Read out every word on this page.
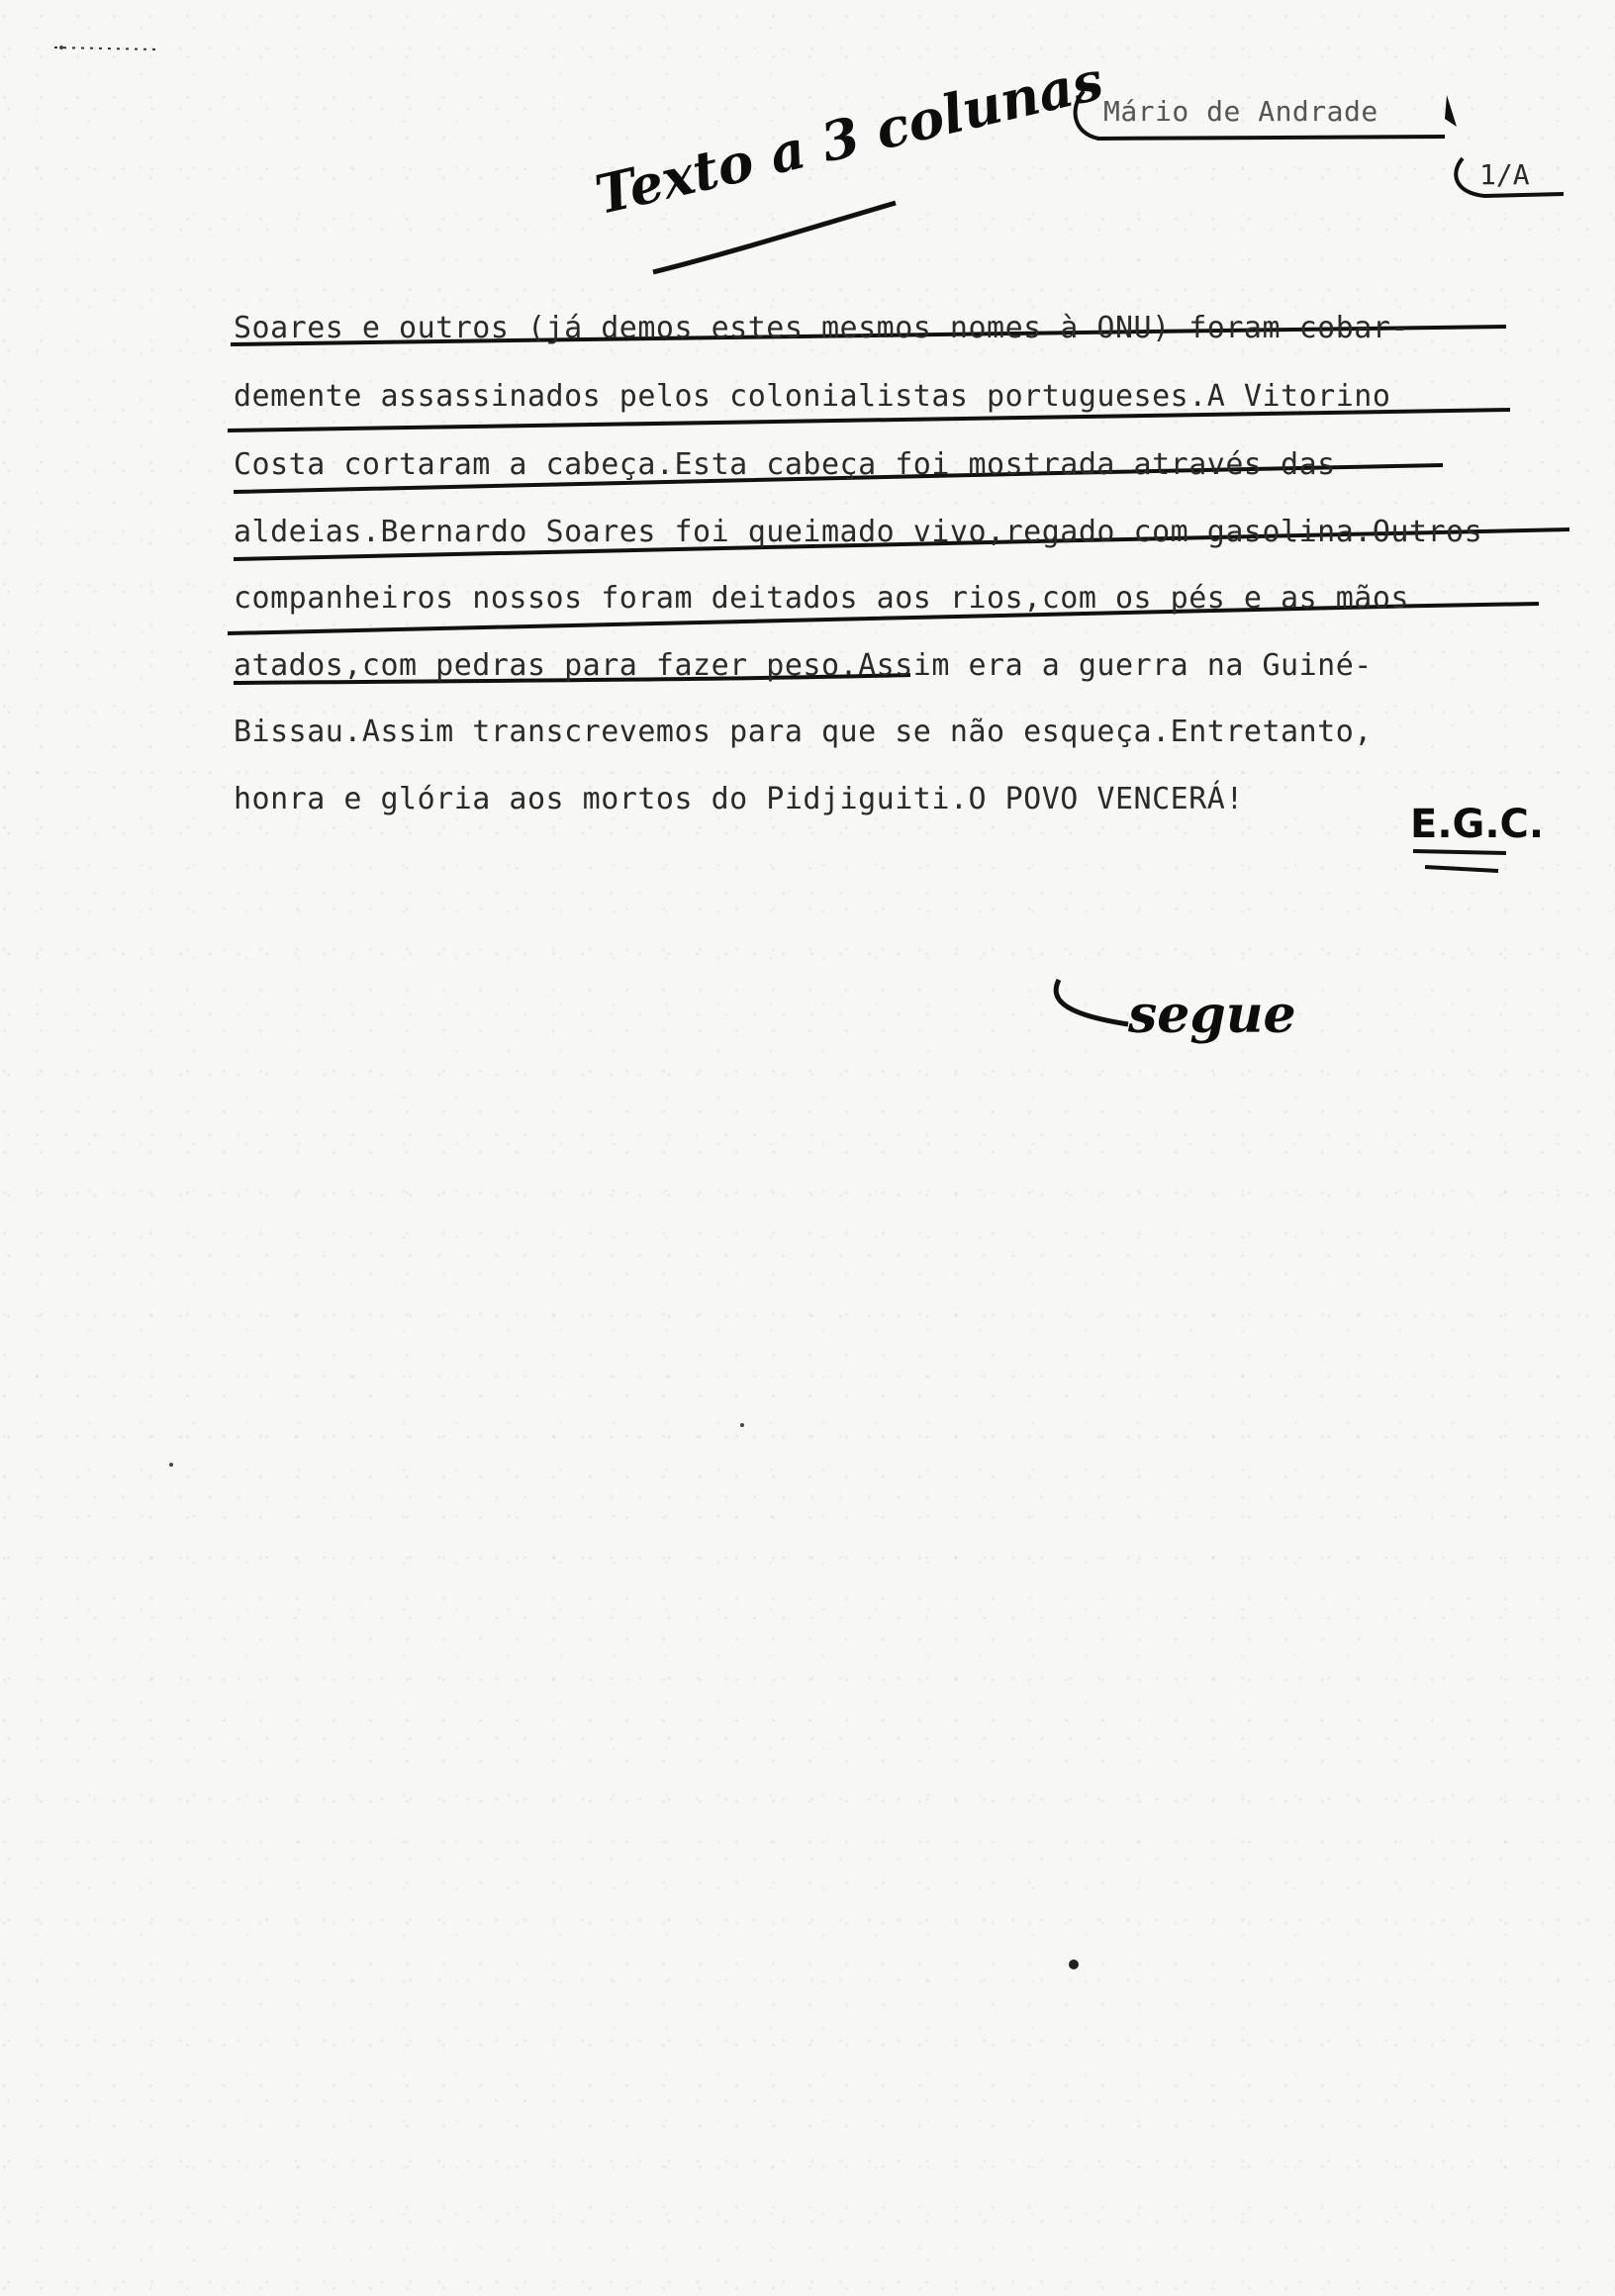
Mário de Andrade
1/A
Texto a 3 colunas
Soares e outros (já demos estes mesmos nomes à ONU) foram cobar-
demente assassinados pelos colonialistas portugueses.A Vitorino
Costa cortaram a cabeça.Esta cabeça foi mostrada através das
aldeias.Bernardo Soares foi queimado vivo,regado com gasolina.Outros
companheiros nossos foram deitados aos rios,com os pés e as mãos
atados,com pedras para fazer peso.Assim era a guerra na Guiné-
Bissau.Assim transcrevemos para que se não esqueça.Entretanto,
honra e glória aos mortos do Pidjiguiti.O POVO VENCERÁ!
E.G.C.
segue
